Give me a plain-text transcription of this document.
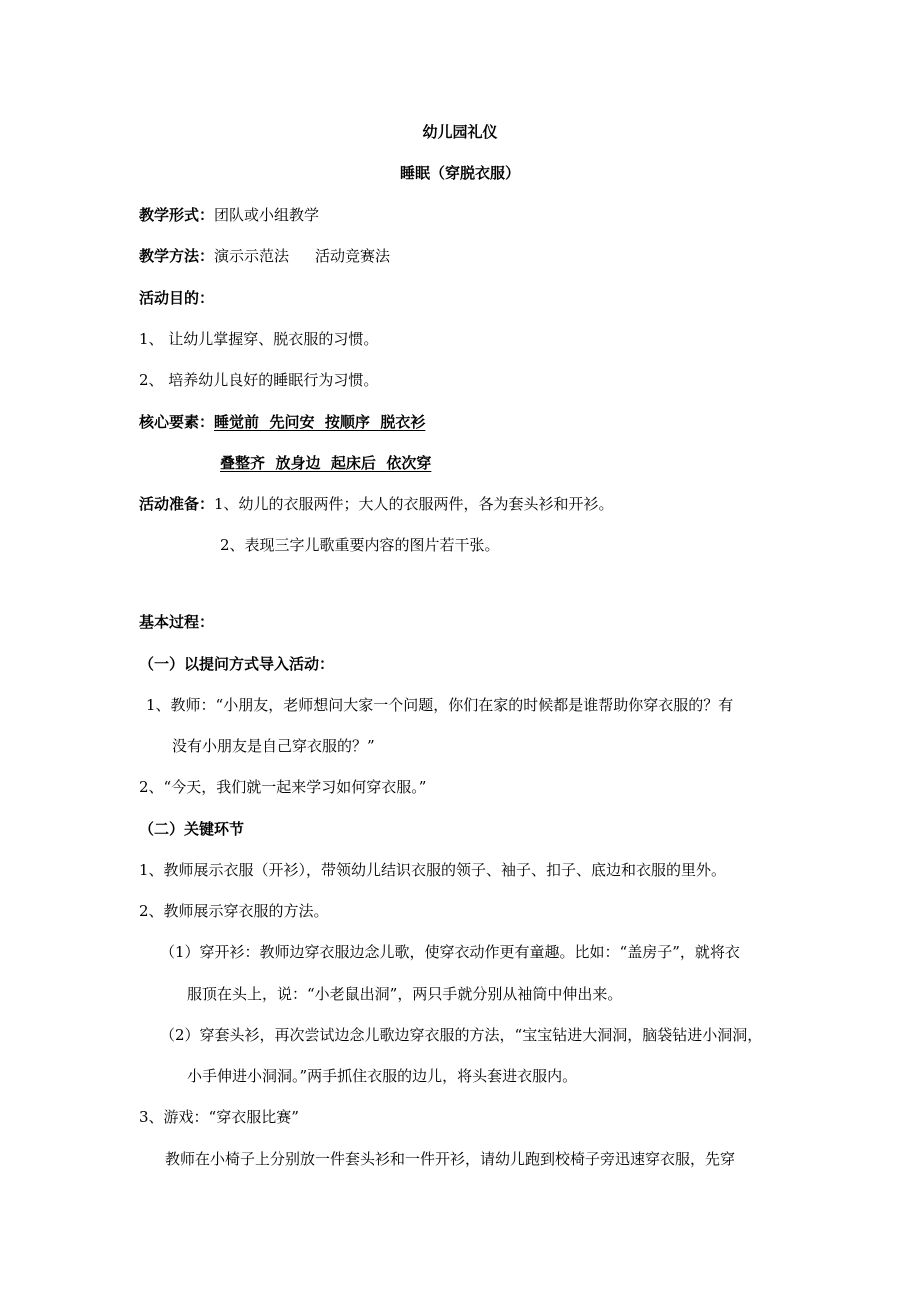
幼儿园礼仪
睡眠（穿脱衣服）
教学形式：团队或小组教学
教学方法：演示示范法 活动竞赛法
活动目的：
1、 让幼儿掌握穿、脱衣服的习惯。
2、 培养幼儿良好的睡眠行为习惯。
核心要素：睡觉前  先问安  按顺序  脱衣衫
叠整齐  放身边  起床后  依次穿
活动准备：1、幼儿的衣服两件；大人的衣服两件，各为套头衫和开衫。
2、表现三字儿歌重要内容的图片若干张。
基本过程：
（一）以提问方式导入活动：
1、教师：“小朋友，老师想问大家一个问题，你们在家的时候都是谁帮助你穿衣服的？有
没有小朋友是自己穿衣服的？”
2、“今天，我们就一起来学习如何穿衣服。”
（二）关键环节
1、教师展示衣服（开衫），带领幼儿结识衣服的领子、袖子、扣子、底边和衣服的里外。
2、教师展示穿衣服的方法。
（1）穿开衫：教师边穿衣服边念儿歌，使穿衣动作更有童趣。比如：“盖房子”，就将衣
服顶在头上，说：“小老鼠出洞”，两只手就分别从袖筒中伸出来。
（2）穿套头衫，再次尝试边念儿歌边穿衣服的方法，“宝宝钻进大洞洞，脑袋钻进小洞洞，
小手伸进小洞洞。”两手抓住衣服的边儿，将头套进衣服内。
3、游戏：“穿衣服比赛”
教师在小椅子上分别放一件套头衫和一件开衫，请幼儿跑到校椅子旁迅速穿衣服，先穿
